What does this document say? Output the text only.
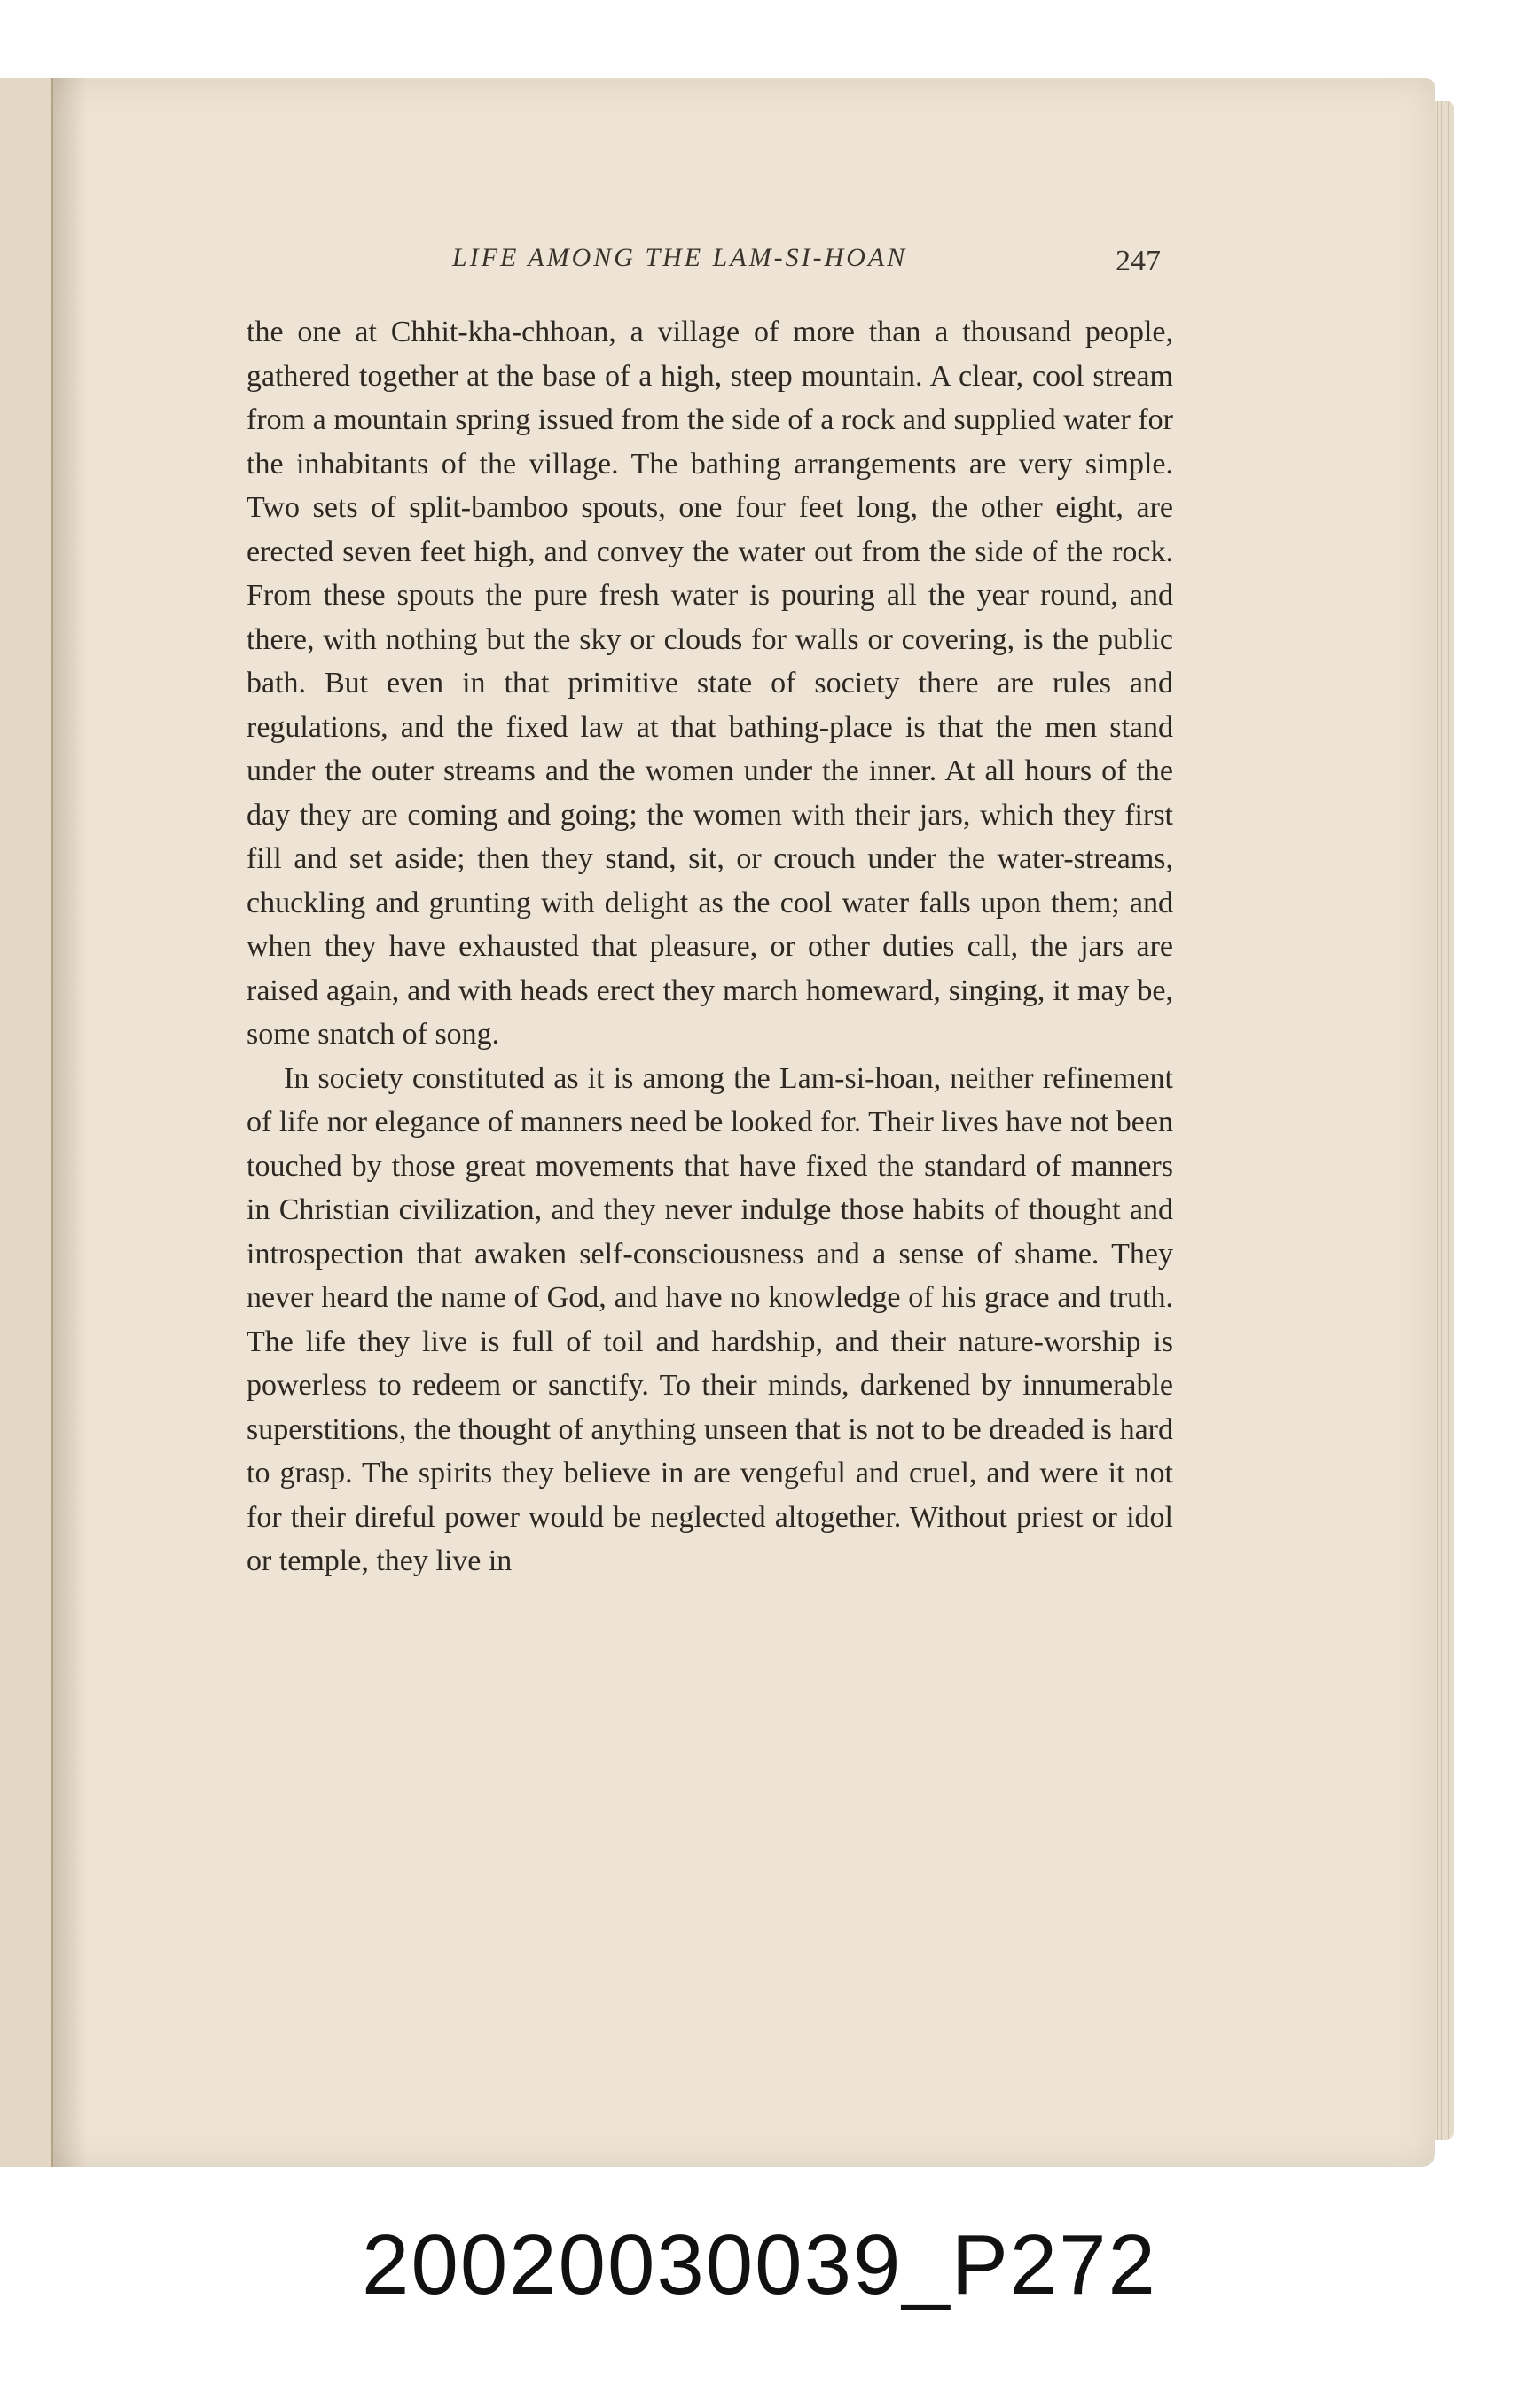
LIFE AMONG THE LAM-SI-HOAN	247

the one at Chhit-kha-chhoan, a village of more than a thousand people, gathered together at the base of a high, steep mountain. A clear, cool stream from a mountain spring issued from the side of a rock and supplied water for the inhabitants of the village. The bathing arrangements are very simple. Two sets of split-bamboo spouts, one four feet long, the other eight, are erected seven feet high, and convey the water out from the side of the rock. From these spouts the pure fresh water is pouring all the year round, and there, with nothing but the sky or clouds for walls or covering, is the public bath. But even in that primitive state of society there are rules and regulations, and the fixed law at that bathing-place is that the men stand under the outer streams and the women under the inner. At all hours of the day they are coming and going; the women with their jars, which they first fill and set aside; then they stand, sit, or crouch under the water-streams, chuckling and grunting with delight as the cool water falls upon them; and when they have exhausted that pleasure, or other duties call, the jars are raised again, and with heads erect they march homeward, singing, it may be, some snatch of song.

In society constituted as it is among the Lam-si-hoan, neither refinement of life nor elegance of manners need be looked for. Their lives have not been touched by those great movements that have fixed the standard of manners in Christian civilization, and they never indulge those habits of thought and introspection that awaken self-consciousness and a sense of shame. They never heard the name of God, and have no knowledge of his grace and truth. The life they live is full of toil and hardship, and their nature-worship is powerless to redeem or sanctify. To their minds, darkened by innumerable superstitions, the thought of anything unseen that is not to be dreaded is hard to grasp. The spirits they believe in are vengeful and cruel, and were it not for their direful power would be neglected altogether. Without priest or idol or temple, they live in

20020030039_P272
